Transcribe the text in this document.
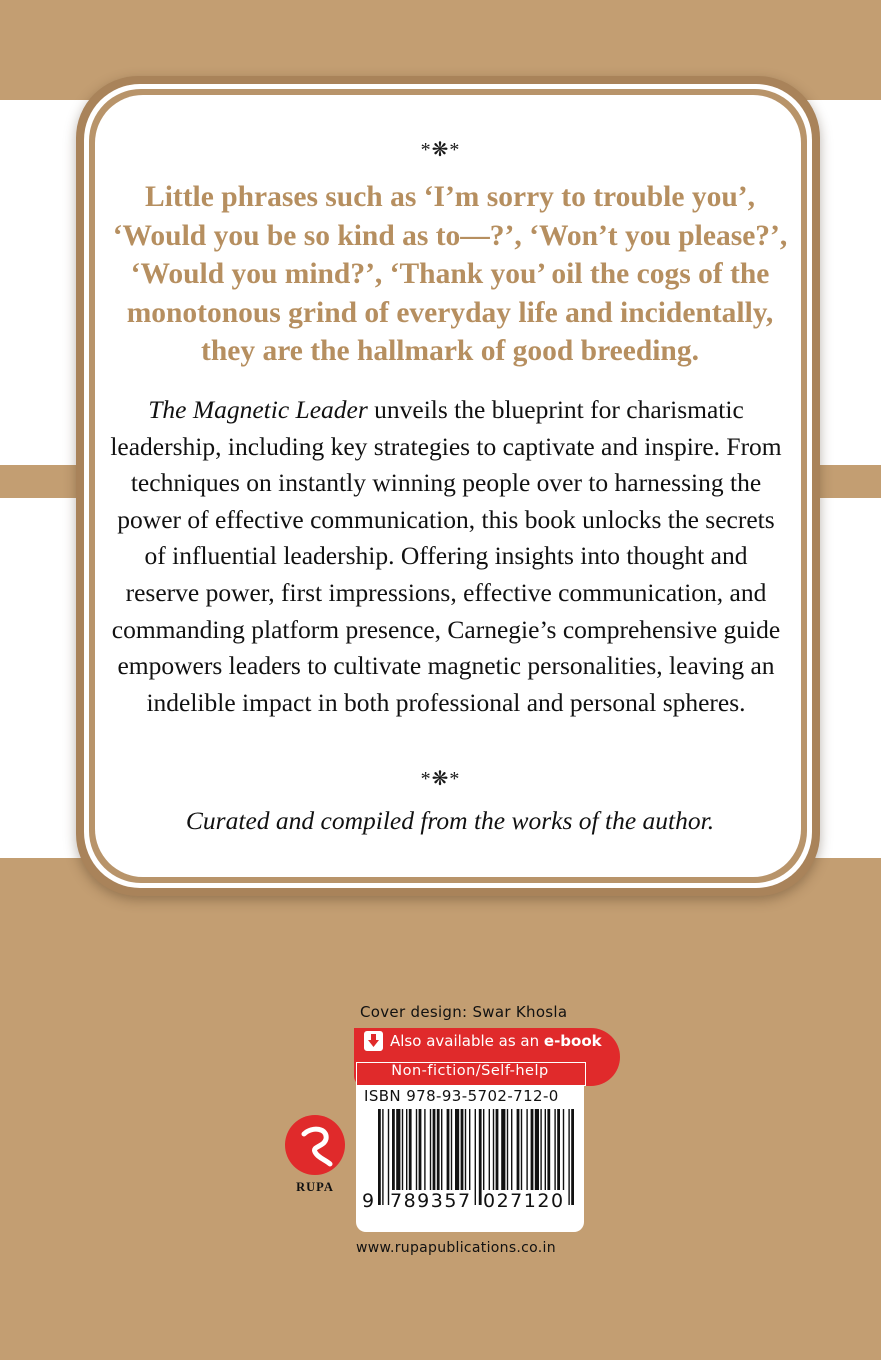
*❋*
Little phrases such as ‘I’m sorry to trouble you’, ‘Would you be so kind as to—?’, ‘Won’t you please?’, ‘Would you mind?’, ‘Thank you’ oil the cogs of the monotonous grind of everyday life and incidentally, they are the hallmark of good breeding.
The Magnetic Leader unveils the blueprint for charismatic leadership, including key strategies to captivate and inspire. From techniques on instantly winning people over to harnessing the power of effective communication, this book unlocks the secrets of influential leadership. Offering insights into thought and reserve power, first impressions, effective communication, and commanding platform presence, Carnegie’s comprehensive guide empowers leaders to cultivate magnetic personalities, leaving an indelible impact in both professional and personal spheres.
*❋*
Curated and compiled from the works of the author.
Cover design: Swar Khosla
Also available as an e-book
Non-fiction/Self-help
ISBN 978-93-5702-712-0
9 789357 027120
www.rupapublications.co.in
RUPA
